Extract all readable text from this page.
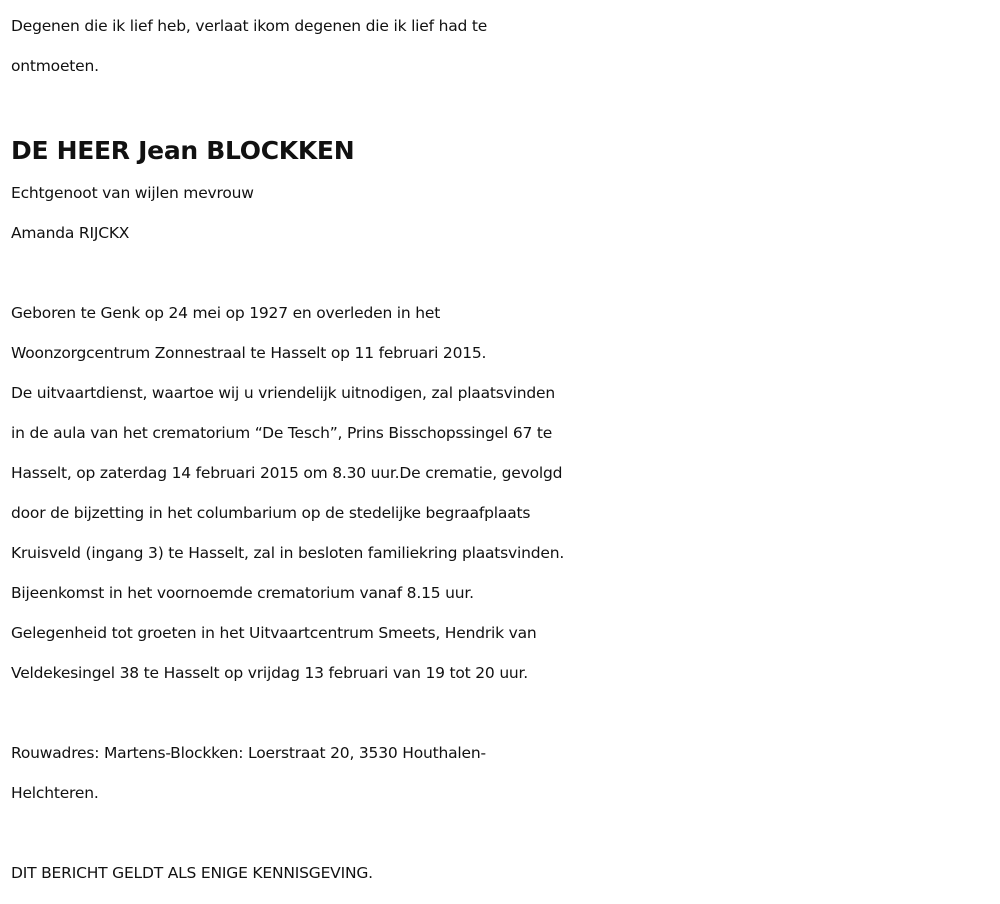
Degenen die ik lief heb, verlaat ikom degenen die ik lief had te
ontmoeten.
DE HEER Jean BLOCKKEN
Echtgenoot van wijlen mevrouw
Amanda RIJCKX
Geboren te Genk op 24 mei op 1927 en overleden in het
Woonzorgcentrum Zonnestraal te Hasselt op 11 februari 2015.
De uitvaartdienst, waartoe wij u vriendelijk uitnodigen, zal plaatsvinden
in de aula van het crematorium “De Tesch”, Prins Bisschopssingel 67 te
Hasselt, op zaterdag 14 februari 2015 om 8.30 uur.De crematie, gevolgd
door de bijzetting in het columbarium op de stedelijke begraafplaats
Kruisveld (ingang 3) te Hasselt, zal in besloten familiekring plaatsvinden.
Bijeenkomst in het voornoemde crematorium vanaf 8.15 uur.
Gelegenheid tot groeten in het Uitvaartcentrum Smeets, Hendrik van
Veldekesingel 38 te Hasselt op vrijdag 13 februari van 19 tot 20 uur.
Rouwadres: Martens-Blockken: Loerstraat 20, 3530 Houthalen-
Helchteren.
DIT BERICHT GELDT ALS ENIGE KENNISGEVING.
